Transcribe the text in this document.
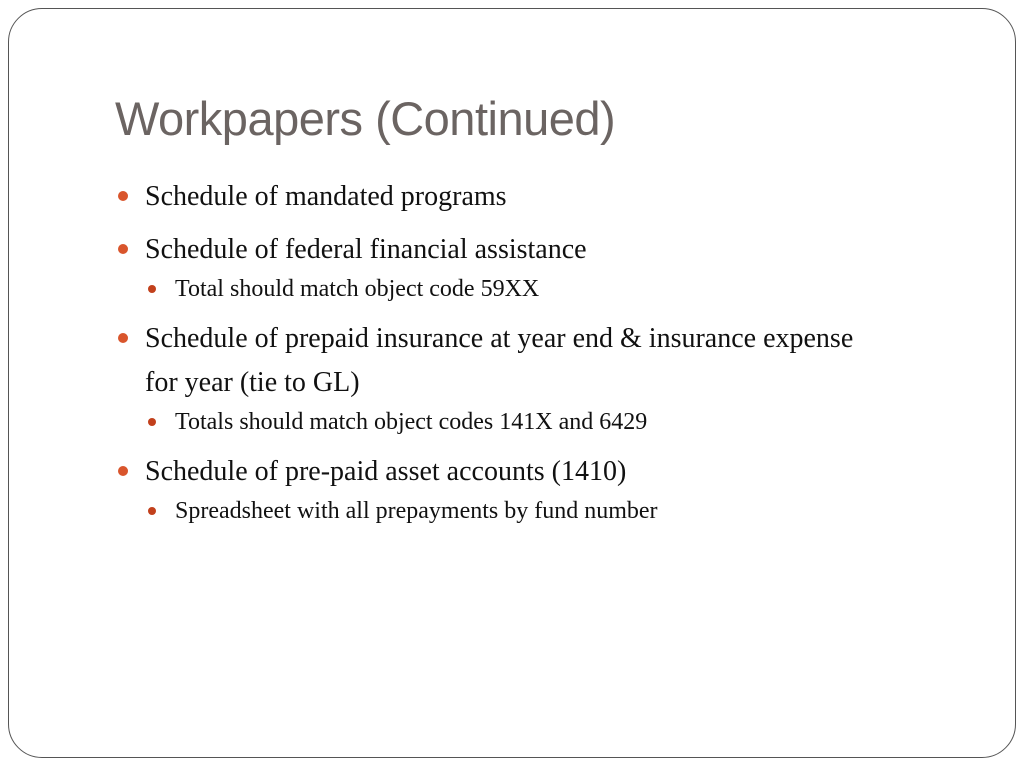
Workpapers (Continued)
Schedule of mandated programs
Schedule of federal financial assistance
Total should match object code 59XX
Schedule of prepaid insurance at year end & insurance expense for year (tie to GL)
Totals should match object codes 141X and 6429
Schedule of pre-paid asset accounts (1410)
Spreadsheet with all prepayments by fund number
